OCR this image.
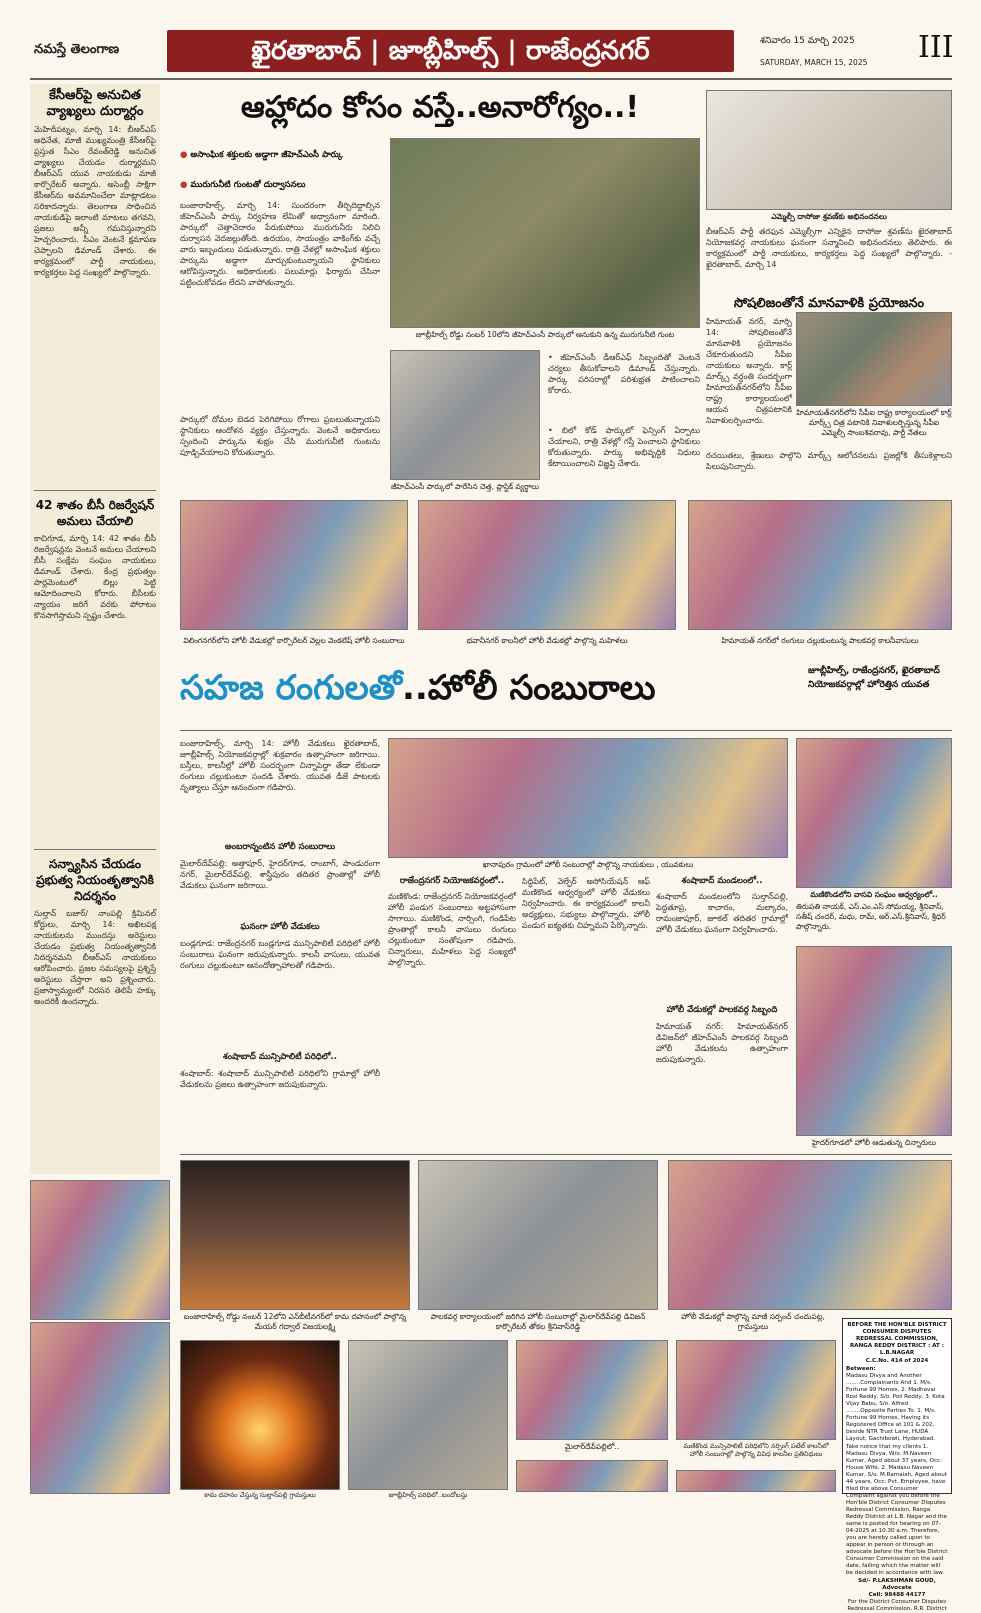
నమస్తే తెలంగాణ	ఖైరతాబాద్ | జూబ్లీహిల్స్ | రాజేంద్రనగర్	శనివారం 15 మార్చి 2025
SATURDAY, MARCH 15, 2025 III
కేసీఆర్‌పై అనుచిత వ్యాఖ్యలు దుర్మార్గం
మెహిదీపట్నం, మార్చి 14: బీఆర్‌ఎస్‌ అధినేత, మాజీ ముఖ్యమంత్రి కేసీఆర్‌పై ప్రస్తుత సీఎం రేవంత్‌రెడ్డి అనుచిత వ్యాఖ్యలు చేయడం దుర్మార్గమని బీఆర్‌ఎస్‌ యువ నాయకుడు మాజీ కార్పొరేటర్‌ అన్నారు. అసెంబ్లీ సాక్షిగా కేసీఆర్‌ను అవమానించేలా మాట్లాడటం సరికాదన్నారు. తెలంగాణ సాధించిన నాయకుడిపై ఇలాంటి మాటలు తగవని, ప్రజలు అన్నీ గమనిస్తున్నారని హెచ్చరించారు. సీఎం వెంటనే క్షమాపణ చెప్పాలని డిమాండ్‌ చేశారు. ఈ కార్యక్రమంలో పార్టీ నాయకులు, కార్యకర్తలు పెద్ద సంఖ్యలో పాల్గొన్నారు.
42 శాతం బీసీ రిజర్వేషన్‌ అమలు చేయాలి
కాచిగూడ, మార్చి 14: 42 శాతం బీసీ రిజర్వేషన్లను వెంటనే అమలు చేయాలని బీసీ సంక్షేమ సంఘం నాయకులు డిమాండ్‌ చేశారు. కేంద్ర ప్రభుత్వం పార్లమెంటులో బిల్లు పెట్టి ఆమోదించాలని కోరారు. బీసీలకు న్యాయం జరిగే వరకు పోరాటం కొనసాగిస్తామని స్పష్టం చేశారు.
సన్న్యాసిన చేయడం ప్రభుత్వ నియంతృత్వానికి నిదర్శనం
సుల్తాన్‌ బజార్‌/ నాంపల్లి క్రిమినల్‌ కోర్టులు, మార్చి 14: అఖిలపక్ష నాయకులను ముందస్తు అరెస్టులు చేయడం ప్రభుత్వ నియంతృత్వానికి నిదర్శనమని బీఆర్‌ఎస్‌ నాయకులు ఆరోపించారు. ప్రజల సమస్యలపై ప్రశ్నిస్తే అరెస్టులు చేస్తారా అని ప్రశ్నించారు. ప్రజాస్వామ్యంలో నిరసన తెలిపే హక్కు అందరికీ ఉందన్నారు.
ఆహ్లాదం కోసం వస్తే..అనారోగ్యం..!
● అసాంఘిక శక్తులకు అడ్డాగా జీహెచ్‌ఎంసీ పార్కు
● మురుగునీటి గుంటతో దుర్వాసనలు
బంజారాహిల్స్‌, మార్చి 14: సుందరంగా తీర్చిదిద్దాల్సిన జీహెచ్‌ఎంసీ పార్కు నిర్వహణ లేమితో అధ్వానంగా మారింది. పార్కులో చెత్తాచెదారం పేరుకుపోయి మురుగునీరు నిలిచి దుర్వాసన వెదజల్లుతోంది. ఉదయం, సాయంత్రం వాకింగ్‌కు వచ్చే వారు ఇబ్బందులు పడుతున్నారు. రాత్రి వేళల్లో అసాంఘిక శక్తులు పార్కును అడ్డాగా మార్చుకుంటున్నాయని స్థానికులు ఆరోపిస్తున్నారు. అధికారులకు పలుమార్లు ఫిర్యాదు చేసినా పట్టించుకోవడం లేదని వాపోతున్నారు.
పార్కులో దోమల బెడద పెరిగిపోయి రోగాలు ప్రబలుతున్నాయని స్థానికులు ఆందోళన వ్యక్తం చేస్తున్నారు. వెంటనే అధికారులు స్పందించి పార్కును శుభ్రం చేసి మురుగునీటి గుంటను పూడ్చివేయాలని కోరుతున్నారు.
జూబ్లీహిల్స్‌ రోడ్డు నంబర్‌ 10లోని జీహెచ్‌ఎంసీ పార్కులో ఆనుకుని ఉన్న మురుగునీటి గుంట
జీహెచ్‌ఎంసీ పార్కులో పారేసిన చెత్త, ప్లాస్టిక్‌ వ్యర్థాలు
• జీహెచ్‌ఎంసీ డీఆర్‌ఎఫ్‌ సిబ్బందితో వెంటనే చర్యలు తీసుకోవాలని డిమాండ్‌ చేస్తున్నారు. పార్కు పరిసరాల్లో పరిశుభ్రత పాటించాలని కోరారు.
• బిలో కోడ్‌ పార్కులో ఫెన్సింగ్‌ ఏర్పాటు చేయాలని, రాత్రి వేళల్లో గస్తీ పెంచాలని స్థానికులు కోరుతున్నారు. పార్కు అభివృద్ధికి నిధులు కేటాయించాలని విజ్ఞప్తి చేశారు.
ఎమ్మెల్సీ దాసోజు శ్రవణ్‌కు అభినందనలు
బీఆర్‌ఎస్‌ పార్టీ తరఫున ఎమ్మెల్సీగా ఎన్నికైన దాసోజు శ్రవణ్‌ను ఖైరతాబాద్‌ నియోజకవర్గ నాయకులు ఘనంగా సన్మానించి అభినందనలు తెలిపారు. ఈ కార్యక్రమంలో పార్టీ నాయకులు, కార్యకర్తలు పెద్ద సంఖ్యలో పాల్గొన్నారు. - ఖైరతాబాద్‌, మార్చి 14
సోషలిజంతోనే మానవాళికి ప్రయోజనం
హిమాయత్‌ నగర్‌, మార్చి 14: సోషలిజంతోనే మానవాళికి ప్రయోజనం చేకూరుతుందని సీపీఐ నాయకులు అన్నారు. కార్ల్‌ మార్క్స్‌ వర్ధంతి సందర్భంగా హిమాయత్‌నగర్‌లోని సీపీఐ రాష్ట్ర కార్యాలయంలో ఆయన చిత్రపటానికి నివాళులర్పించారు.
హిమాయత్‌నగర్‌లోని సీపీఐ రాష్ట్ర కార్యాలయంలో కార్ల్‌ మార్క్స్‌ చిత్ర పటానికి నివాళులర్పిస్తున్న సీపీఐ ఎమ్మెల్సీ సాంబశివరావు, పార్టీ నేతలు
రచయితలు, శ్రేణులు పాల్గొని మార్క్స్‌ ఆలోచనలను ప్రజల్లోకి తీసుకెళ్లాలని పిలుపునిచ్చారు.
విలింగనగర్‌లోని హోలీ వేడుకల్లో కార్పొరేటర్‌ వెల్లల వెంకటేష్‌ హోలీ సంబురాలు	భవానీనగర్‌ కాలనీలో హోలీ వేడుకల్లో పాల్గొన్న మహిళలు	హిమాయత్‌ నగర్‌లో రంగులు చల్లుకుంటున్న పాలకవర్గ కాలనీవాసులు
సహజ రంగులతో..హోలీ సంబురాలు	జూబ్లీహిల్స్‌, రాజేంద్రనగర్‌, ఖైరతాబాద్‌ నియోజకవర్గాల్లో హోరెత్తిన యువత
బంజారాహిల్స్‌, మార్చి 14: హోలీ వేడుకలు ఖైరతాబాద్‌, జూబ్లీహిల్స్‌ నియోజకవర్గాల్లో శుక్రవారం ఉత్సాహంగా జరిగాయి. బస్తీలు, కాలనీల్లో హోలీ సందర్భంగా చిన్నాపెద్దా తేడా లేకుండా రంగులు చల్లుకుంటూ సందడి చేశారు. యువత డీజే పాటలకు నృత్యాలు చేస్తూ ఆనందంగా గడిపారు.
అంబరాన్నంటిన హోలీ సంబురాలు
మైలార్‌దేవ్‌పల్లి: అత్తాపూర్‌, హైదర్‌గూడ, రాంబాగ్‌, పాండురంగా నగర్‌, మైలార్‌దేవ్‌పల్లి, శాస్త్రీపురం తదితర ప్రాంతాల్లో హోలీ వేడుకలు ఘనంగా జరిగాయి.
ఘనంగా హోలీ వేడుకలు
బండ్లగూడ: రాజేంద్రనగర్‌ బండ్లగూడ మున్సిపాలిటీ పరిధిలో హోలీ సంబురాలు ఘనంగా జరుపుకున్నారు. కాలనీ వాసులు, యువత రంగులు చల్లుకుంటూ ఆనందోత్సాహాలతో గడిపారు.
శంషాబాద్‌ మున్సిపాలిటీ పరిధిలో..
శంషాబాద్‌: శంషాబాద్‌ మున్సిపాలిటీ పరిధిలోని గ్రామాల్లో హోలీ వేడుకలను ప్రజలు ఉత్సాహంగా జరుపుకున్నారు.
ఖానాపురం గ్రామంలో హోలీ సంబురాల్లో పాల్గొన్న నాయకులు , యువకులు
రాజేంద్రనగర్‌ నియోజకవర్గంలో..
మణికొండ: రాజేంద్రనగర్‌ నియోజకవర్గంలో హోలీ పండుగ సంబురాలు అట్టహాసంగా సాగాయి. మణికొండ, నార్సింగి, గండిపేట ప్రాంతాల్లో కాలనీ వాసులు రంగులు చల్లుకుంటూ సంతోషంగా గడిపారు. చిన్నారులు, మహిళలు పెద్ద సంఖ్యలో పాల్గొన్నారు.
సిద్ధిపేట్‌, వెల్ఫేర్‌ అసోసియేషన్‌ ఆఫ్‌ మణికొండ ఆధ్వర్యంలో హోలీ వేడుకలు నిర్వహించారు. ఈ కార్యక్రమంలో కాలనీ అధ్యక్షులు, సభ్యులు పాల్గొన్నారు. హోలీ పండుగ ఐక్యతకు చిహ్నమని పేర్కొన్నారు.
శంషాబాద్‌ మండలంలో..
శంషాబాద్‌ మండలంలోని సుల్తాన్‌పల్లి, పెద్దతూప్ర, కాచారం, మల్కారం, రామంజాపూర్‌, జూకల్‌ తదితర గ్రామాల్లో హోలీ వేడుకలు ఘనంగా నిర్వహించారు.
హోలీ వేడుకల్లో పాలకవర్గ సిబ్బంది
హిమాయత్‌ నగర్‌: హిమాయత్‌నగర్‌ డివిజన్‌లో జీహెచ్‌ఎంసీ పాలకవర్గ సిబ్బంది హోలీ వేడుకలను ఉత్సాహంగా జరుపుకున్నారు.
మణికొండలోని వాసవి సంఘం ఆధ్వర్యంలో..
తిరుపతి నాయక్‌, ఎస్‌.ఎం.ఎస్‌ సోమయ్య, శ్రీనివాస్‌, సతీష్‌ చందర్‌, మధు, రామ్‌, ఆర్‌.ఎస్‌.శ్రీనివాస్‌, శ్రీధర్‌ పాల్గొన్నారు.
హైదర్‌గూడలో హోలీ ఆడుతున్న చిన్నారులు
బంజారాహిల్స్‌ రోడ్డు నంబర్‌ 12లోని ఎన్‌బీటీనగర్‌లో కామ దహనంలో పాల్గొన్న మేయర్‌ గద్వాల్‌ విజయలక్ష్మి
పాలకవర్గ కార్యాలయంలో జరిగిన హోలీ సంబురాల్లో మైలార్‌దేవ్‌పల్లి డివిజన్‌ కార్పొరేటర్‌ తోకల శ్రీనివాస్‌రెడ్డి
హోలీ వేడుకల్లో పాల్గొన్న మాజీ సర్పంచ్‌ చందుపట్ల, గ్రామస్తులు
కామ దహనం చేస్తున్న సుల్తాన్‌పల్లి గ్రామస్తులు	జూబ్లీహిల్స్‌ పరిధిలో..బందోబస్తు
మైలార్‌దేవ్‌పల్లిలో..	మణికొండ మున్సిపాలిటీ పరిధిలోని నర్సింగ్‌ పటేల్‌ కాలనీలో హోలీ సంబురాల్లో పాల్గొన్న వివిధ కాలనీల ప్రతినిధులు
BEFORE THE HON'BLE DISTRICT CONSUMER DISPUTES REDRESSAL COMMISSION, RANGA REDDY DISTRICT : AT : L.B.NAGAR
C.C.No. 414 of 2024
Between:
Madasu Divya and Another ........Complainants And 1. M/s. Fortune 99 Homes, 2. Madhavai Rosi Reddy, S/o. Poli Reddy, 3. Kota Vijay Babu, S/o. Alfred ........Opposite Parties To, 1. M/s. Fortune 99 Homes, Having its Registered Office at 101 & 202, beside NTR Trust Lane, HUDA Layout, Gachibowli, Hyderabad.
Take notice that my clients 1. Madasu Divya, W/o. M.Naveen Kumar, Aged about 37 years, Occ: House Wife, 2. Madasu Naveen Kumar, S/o. M.Ramaiah, Aged about 44 years, Occ: Pvt. Employee, have filed the above Consumer Complaint against you before the Hon'ble District Consumer Disputes Redressal Commission, Ranga Reddy District at L.B. Nagar and the same is posted for hearing on 07-04-2025 at 10.30 a.m. Therefore, you are hereby called upon to appear in person or through an advocate before the Hon'ble District Consumer Commission on the said date, failing which the matter will be decided in accordance with law.
Sd/- P.LAKSHMAN GOUD, Advocate
Cell: 98488 44177
For the District Consumer Disputes Redressal Commission, R.R. District
